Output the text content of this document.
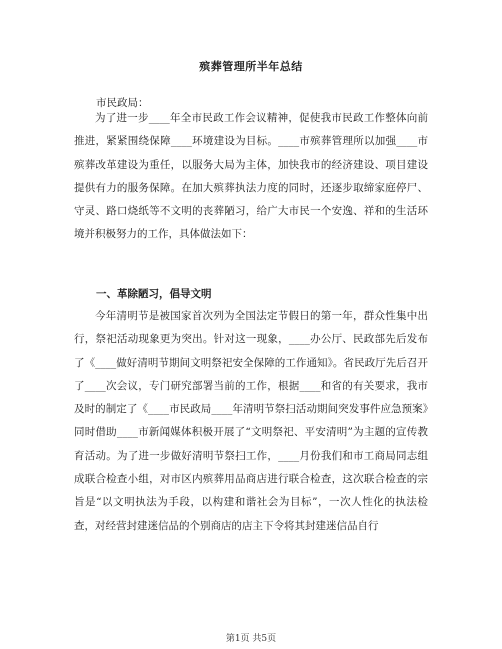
殡葬管理所半年总结
市民政局：

为了进一步____年全市民政工作会议精神，促使我市民政工作整体向前推进，紧紧围绕保障____环境建设为目标。____市殡葬管理所以加强____市殡葬改革建设为重任，以服务大局为主体，加快我市的经济建设、项目建设提供有力的服务保障。在加大殡葬执法力度的同时，还逐步取缔家庭停尸、守灵、路口烧纸等不文明的丧葬陋习，给广大市民一个安逸、祥和的生活环境并积极努力的工作，具体做法如下：

一、革除陋习，倡导文明

今年清明节是被国家首次列为全国法定节假日的第一年，群众性集中出行，祭祀活动现象更为突出。针对这一现象，____办公厅、民政部先后发布了《____做好清明节期间文明祭祀安全保障的工作通知》。省民政厅先后召开了____次会议，专门研究部署当前的工作，根据____和省的有关要求，我市及时的制定了《____市民政局____年清明节祭扫活动期间突发事件应急预案》同时借助____市新闻媒体积极开展了“文明祭祀、平安清明”为主题的宣传教育活动。为了进一步做好清明节祭扫工作，____月份我们和市工商局同志组成联合检查小组，对市区内殡葬用品商店进行联合检查，这次联合检查的宗旨是“以文明执法为手段，以构建和谐社会为目标”，一次人性化的执法检查，对经营封建迷信品的个别商店的店主下令将其封建迷信品自行

第1页 共5页
